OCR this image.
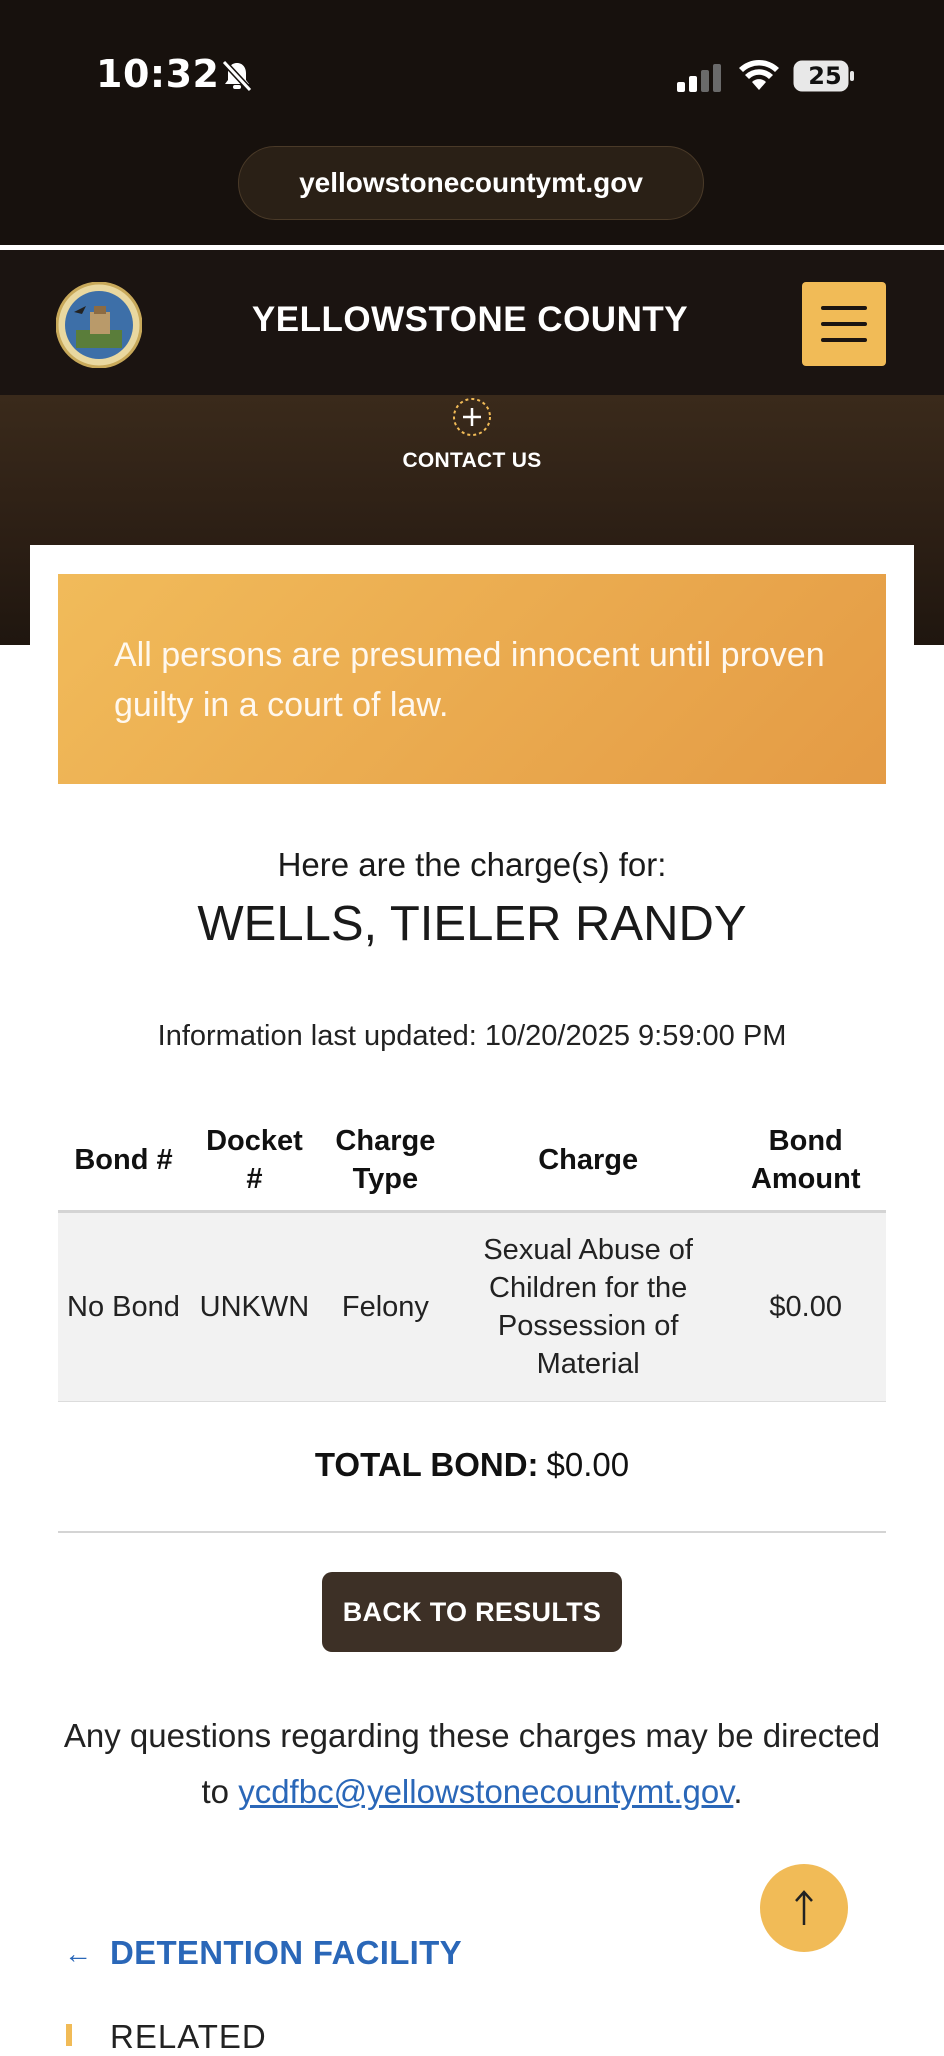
10:32	25
yellowstonecountymt.gov
YELLOWSTONE COUNTY
CONTACT US
All persons are presumed innocent until proven guilty in a court of law.
Here are the charge(s) for:
WELLS, TIELER RANDY
Information last updated: 10/20/2025 9:59:00 PM
Bond #	Docket #	Charge Type	Charge	Bond Amount
No Bond	UNKWN	Felony	Sexual Abuse of Children for the Possession of Material	$0.00
TOTAL BOND: $0.00
BACK TO RESULTS
Any questions regarding these charges may be directed to ycdfbc@yellowstonecountymt.gov.
← DETENTION FACILITY
RELATED
